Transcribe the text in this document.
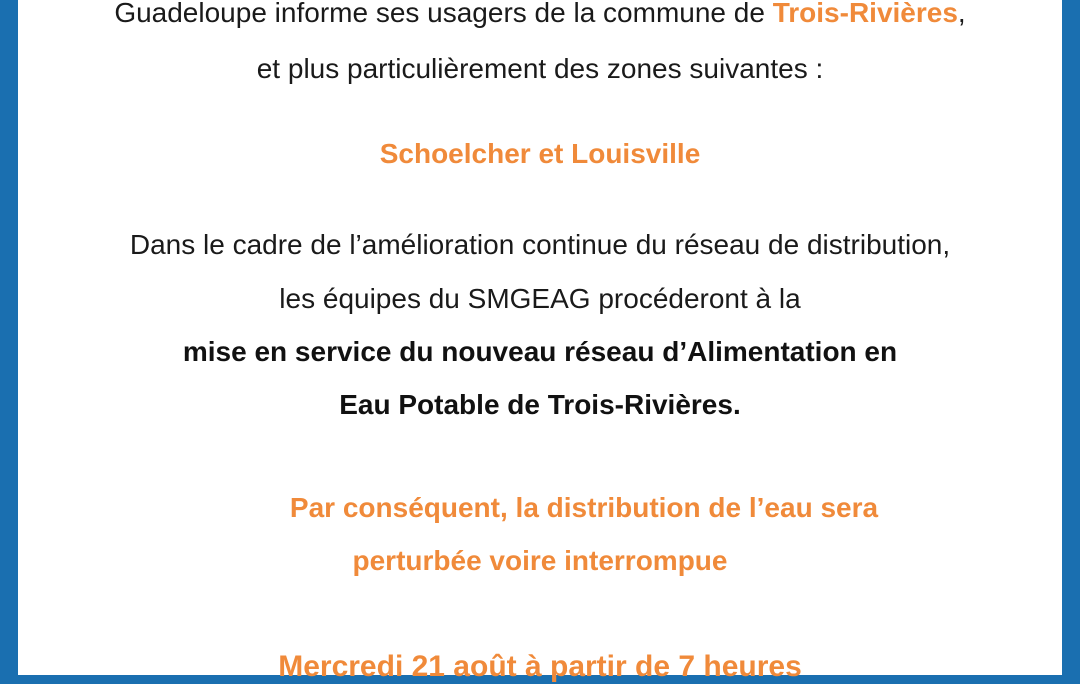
Guadeloupe informe ses usagers de la commune de Trois-Rivières,
et plus particulièrement des zones suivantes :
Schoelcher et Louisville
Dans le cadre de l’amélioration continue du réseau de distribution,
les équipes du SMGEAG procéderont à la
mise en service du nouveau réseau d’Alimentation en
Eau Potable de Trois-Rivières.
Par conséquent, la distribution de l’eau sera
perturbée voire interrompue
Mercredi 21 août à partir de 7 heures
